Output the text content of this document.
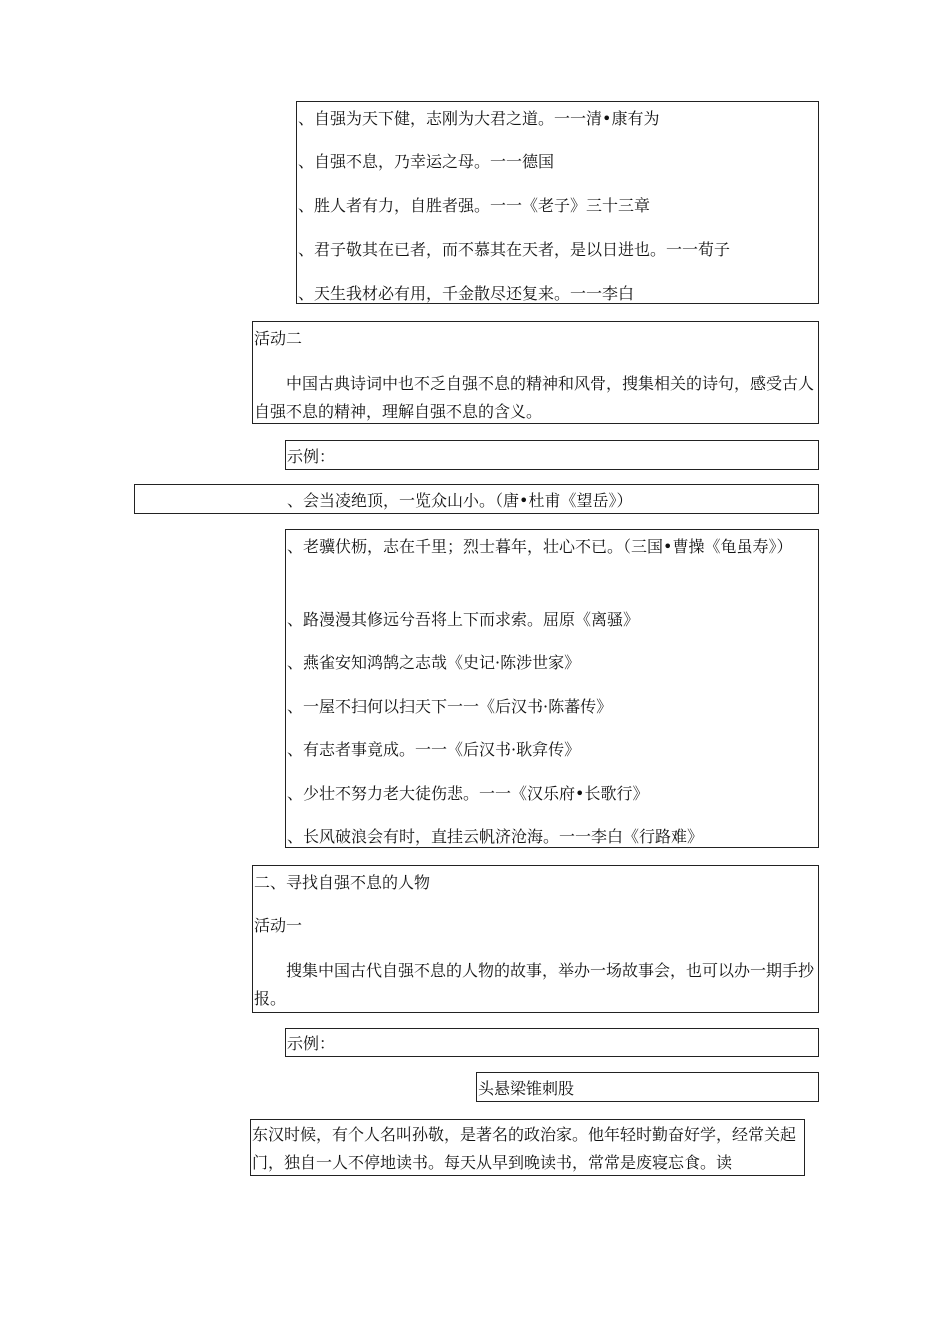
、自强为天下健，志刚为大君之道。一一清•康有为
、自强不息，乃幸运之母。一一德国
、胜人者有力，自胜者强。一一《老子》三十三章
、君子敬其在已者，而不慕其在天者，是以日进也。一一荀子
、天生我材必有用，千金散尽还复来。一一李白
活动二
中国古典诗词中也不乏自强不息的精神和风骨，搜集相关的诗句，感受古人自强不息的精神，理解自强不息的含义。
示例：
、会当凌绝顶，一览众山小。（唐•杜甫《望岳》）
、老骥伏枥，志在千里；烈士暮年，壮心不已。（三国•曹操《龟虽寿》）
、路漫漫其修远兮吾将上下而求索。屈原《离骚》
、燕雀安知鸿鹄之志哉《史记·陈涉世家》
、一屋不扫何以扫天下一一《后汉书·陈蕃传》
、有志者事竟成。一一《后汉书·耿弇传》
、少壮不努力老大徒伤悲。一一《汉乐府•长歌行》
、长风破浪会有时，直挂云帆济沧海。一一李白《行路难》
二、寻找自强不息的人物
活动一
搜集中国古代自强不息的人物的故事，举办一场故事会，也可以办一期手抄报。
示例：
头悬梁锥刺股
东汉时候，有个人名叫孙敬，是著名的政治家。他年轻时勤奋好学，经常关起门，独自一人不停地读书。每天从早到晚读书，常常是废寝忘食。读
